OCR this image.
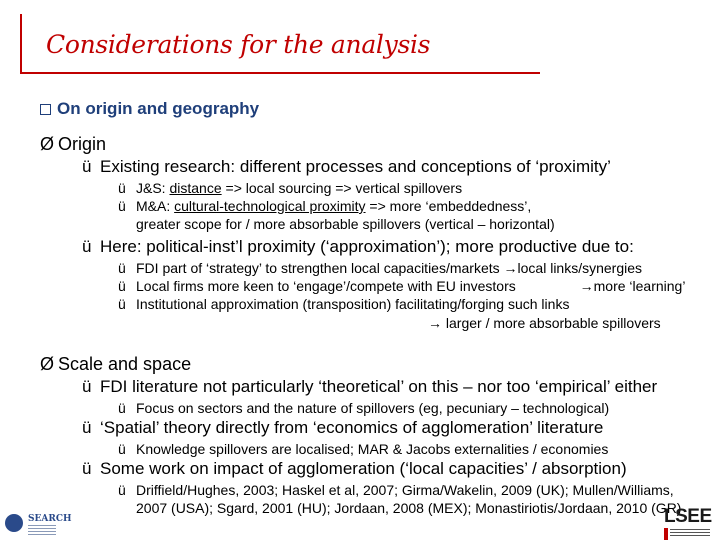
Considerations for the analysis
On origin and geography
Ø Origin
ü Existing research: different processes and conceptions of ‘proximity’
ü J&S: distance => local sourcing => vertical spillovers
ü M&A: cultural-technological proximity => more ‘embeddedness’,
greater scope for / more absorbable spillovers (vertical – horizontal)
ü Here: political-inst’l proximity (‘approximation’); more productive due to:
ü FDI part of ‘strategy’ to strengthen local capacities/markets →local links/synergies
ü Local firms more keen to ‘engage’/compete with EU investors	→more ‘learning’
ü Institutional approximation (transposition) facilitating/forging such links
→ larger / more absorbable spillovers
Ø Scale and space
ü FDI literature not particularly ‘theoretical’ on this – nor too ‘empirical’ either
ü Focus on sectors and the nature of spillovers (eg, pecuniary – technological)
ü ‘Spatial’ theory directly from ‘economics of agglomeration’ literature
ü Knowledge spillovers are localised; MAR & Jacobs externalities / economies
ü Some work on impact of agglomeration (‘local capacities’ / absorption)
ü Driffield/Hughes, 2003; Haskel et al, 2007; Girma/Wakelin, 2009 (UK); Mullen/Williams,
2007 (USA); Sgard, 2001 (HU); Jordaan, 2008 (MEX); Monastiriotis/Jordaan, 2010 (GR)
SEARCH	LSEE
